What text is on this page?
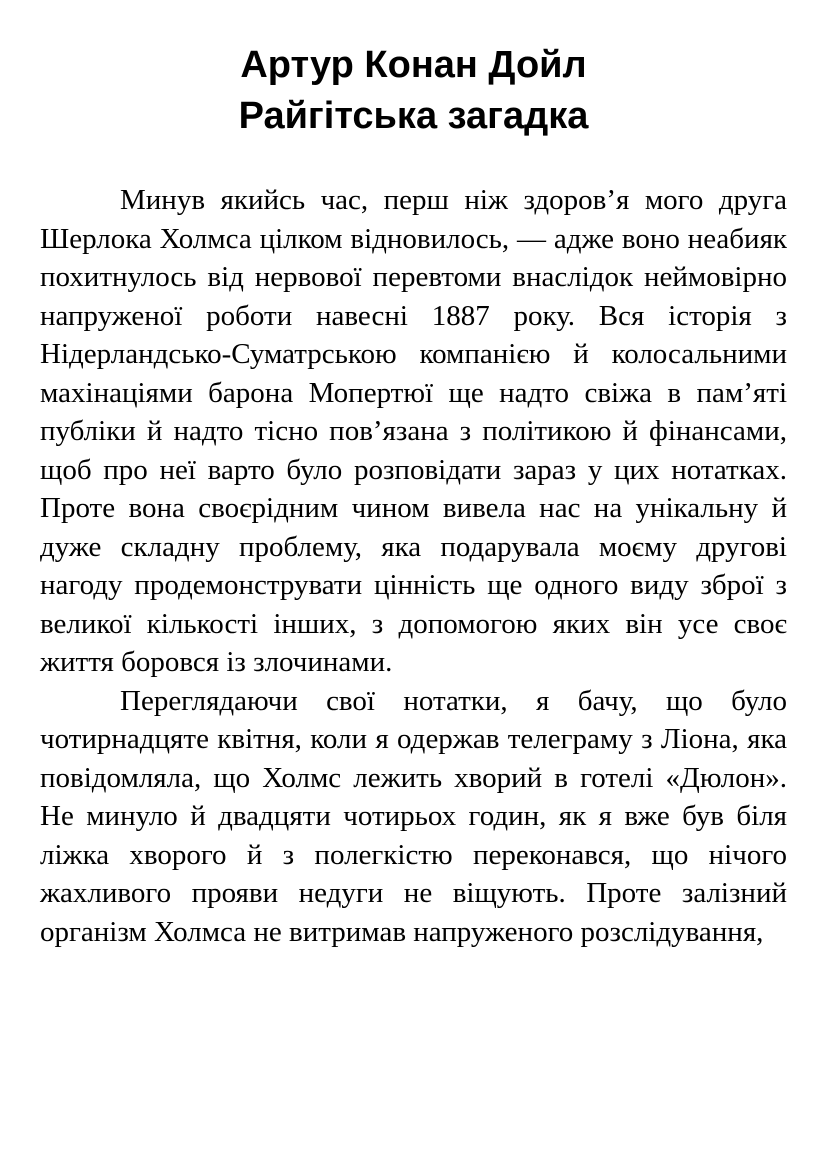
Артур Конан Дойл
Райгітська загадка

Минув якийсь час, перш ніж здоров’я мого друга Шерлока Холмса цілком відновилось, — адже воно неабияк похитнулось від нервової перевтоми внаслідок неймовірно напруженої роботи навесні 1887 року. Вся історія з Нідерландсько-Суматрською компанією й колосальними махінаціями барона Мопертюї ще надто свіжа в пам’яті публіки й надто тісно пов’язана з політикою й фінансами, щоб про неї варто було розповідати зараз у цих нотатках. Проте вона своєрідним чином вивела нас на унікальну й дуже складну проблему, яка подарувала моєму другові нагоду продемонструвати цінність ще одного виду зброї з великої кількості інших, з допомогою яких він усе своє життя боровся із злочинами.

Переглядаючи свої нотатки, я бачу, що було чотирнадцяте квітня, коли я одержав телеграму з Ліона, яка повідомляла, що Холмс лежить хворий в готелі «Дюлон». Не минуло й двадцяти чотирьох годин, як я вже був біля ліжка хворого й з полегкістю переконався, що нічого жахливого прояви недуги не віщують. Проте залізний організм Холмса не витримав напруженого розслідування,
